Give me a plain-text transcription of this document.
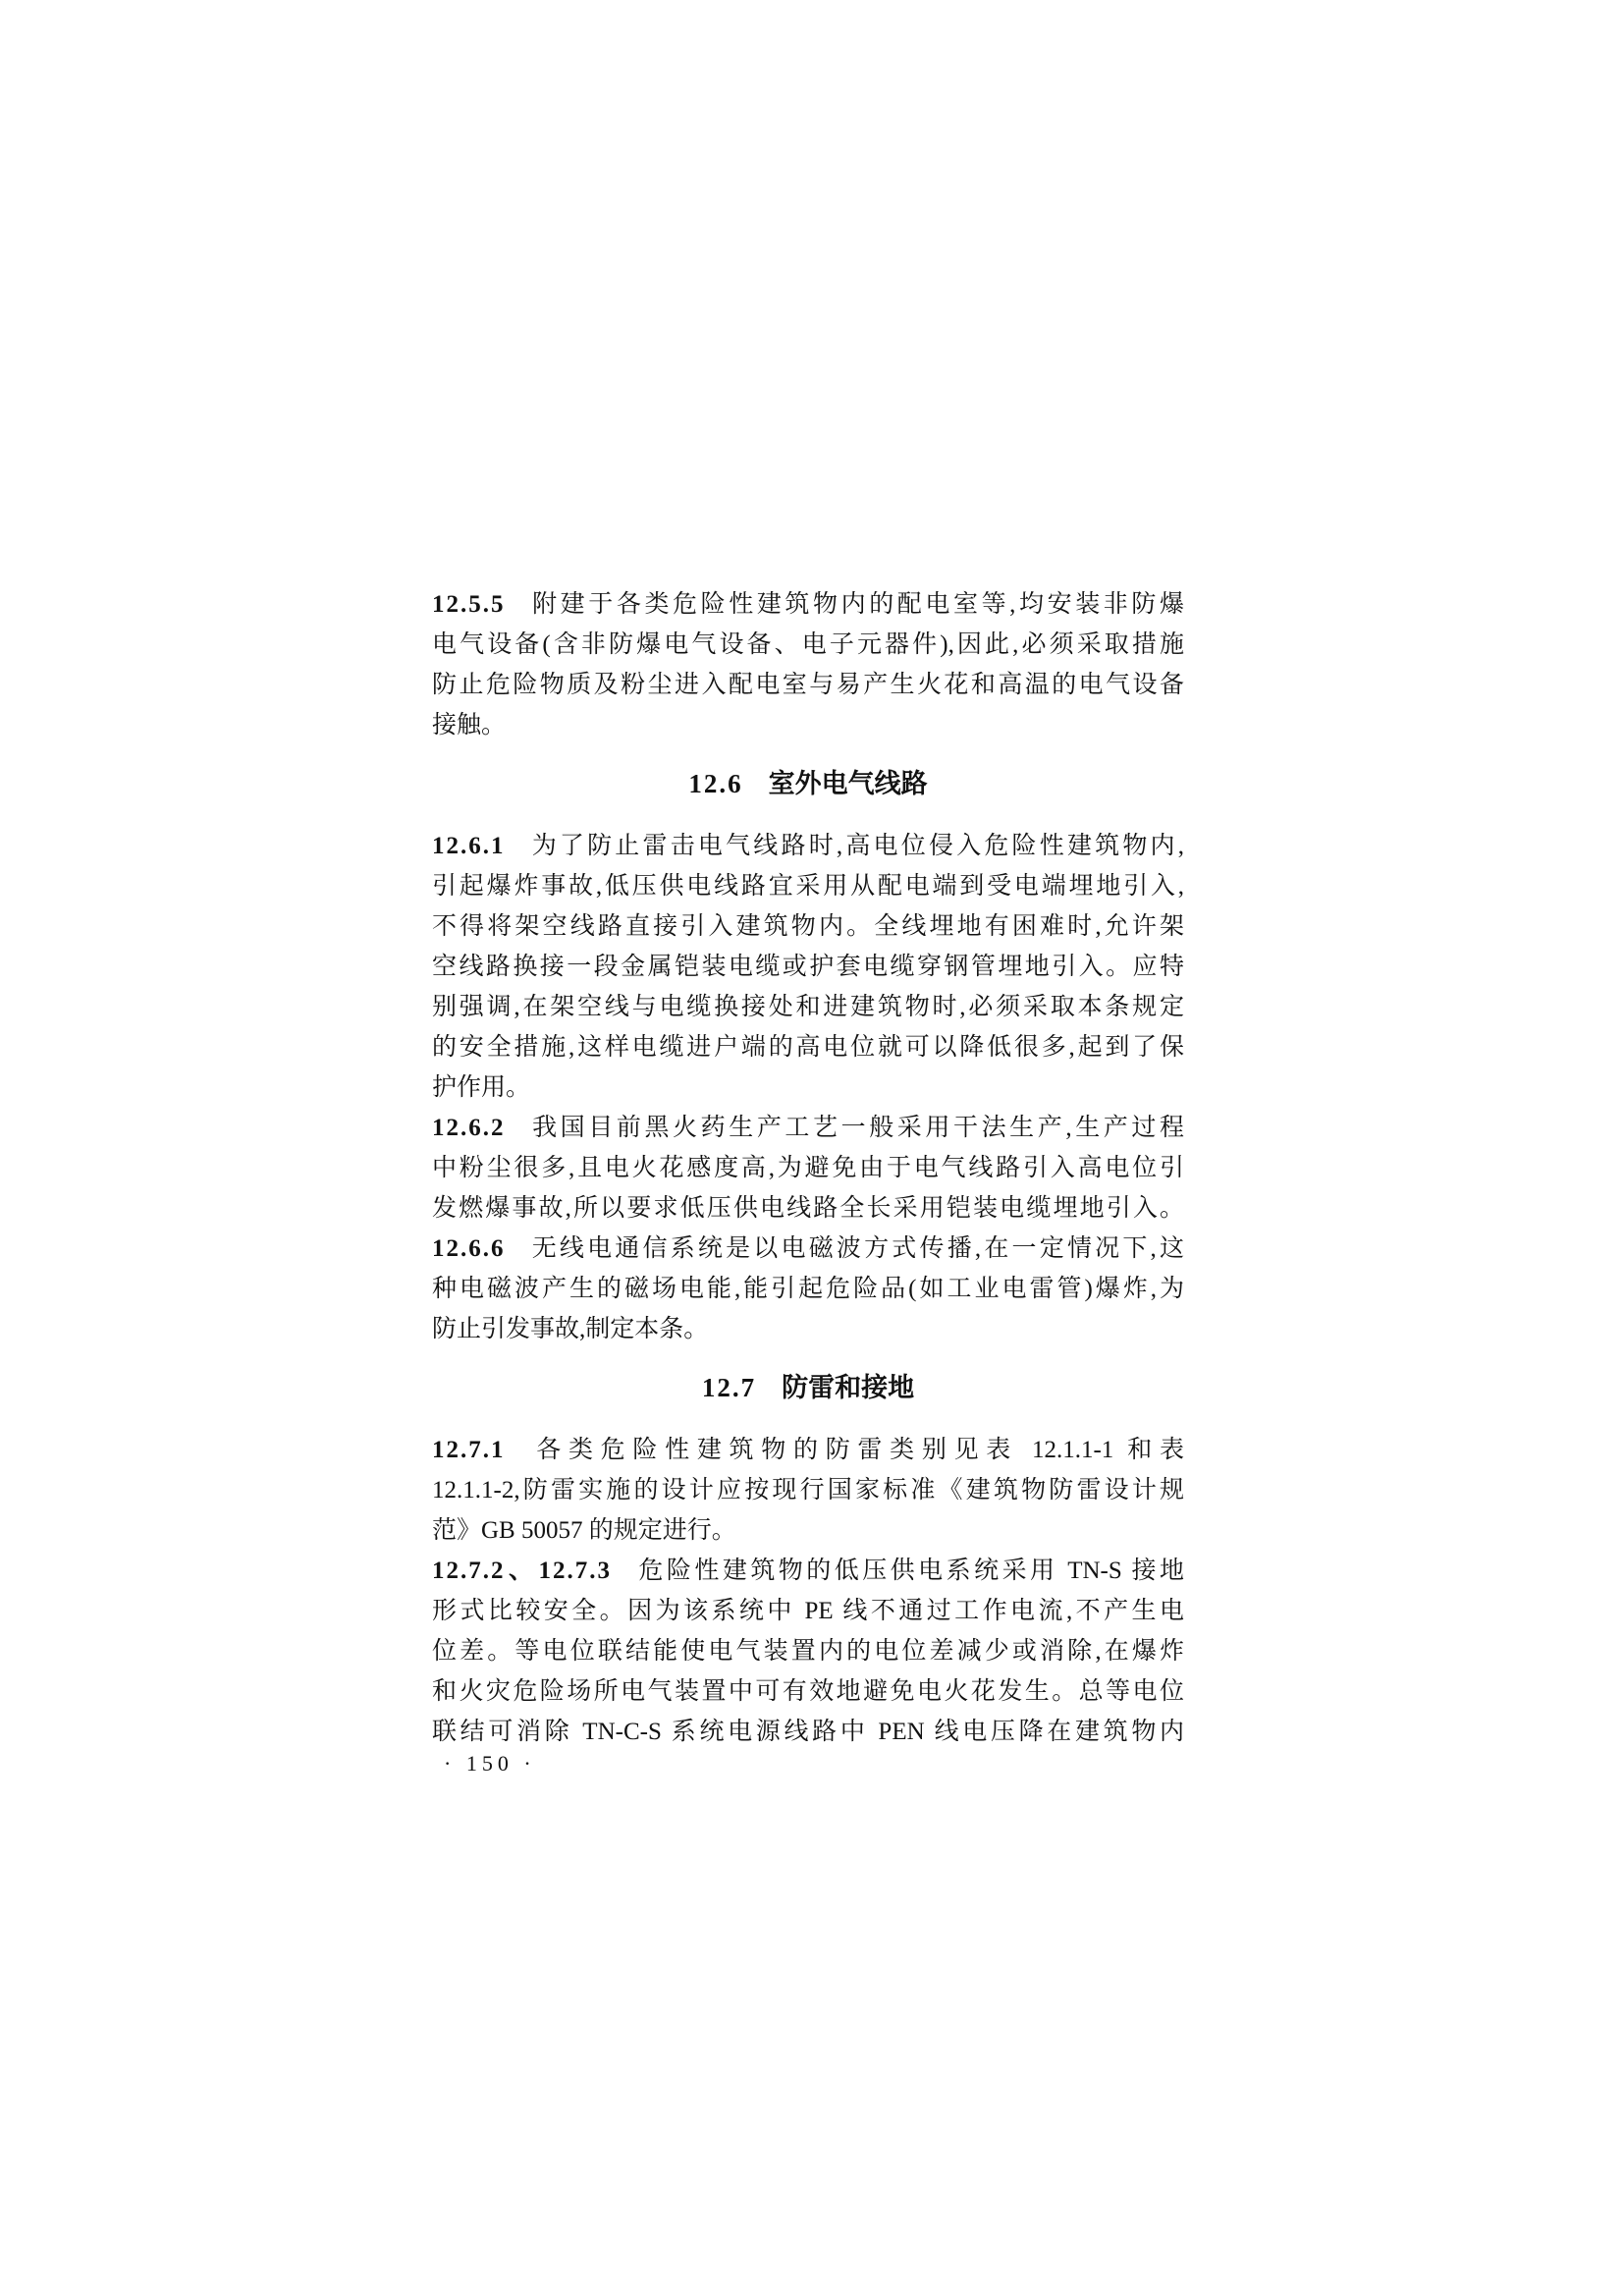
12.5.5 附建于各类危险性建筑物内的配电室等,均安装非防爆
电气设备(含非防爆电气设备、电子元器件),因此,必须采取措施
防止危险物质及粉尘进入配电室与易产生火花和高温的电气设备
接触。
12.6 室外电气线路
12.6.1 为了防止雷击电气线路时,高电位侵入危险性建筑物内,
引起爆炸事故,低压供电线路宜采用从配电端到受电端埋地引入,
不得将架空线路直接引入建筑物内。全线埋地有困难时,允许架
空线路换接一段金属铠装电缆或护套电缆穿钢管埋地引入。应特
别强调,在架空线与电缆换接处和进建筑物时,必须采取本条规定
的安全措施,这样电缆进户端的高电位就可以降低很多,起到了保
护作用。
12.6.2 我国目前黑火药生产工艺一般采用干法生产,生产过程
中粉尘很多,且电火花感度高,为避免由于电气线路引入高电位引
发燃爆事故,所以要求低压供电线路全长采用铠装电缆埋地引入。
12.6.6 无线电通信系统是以电磁波方式传播,在一定情况下,这
种电磁波产生的磁场电能,能引起危险品(如工业电雷管)爆炸,为
防止引发事故,制定本条。
12.7 防雷和接地
12.7.1 各类危险性建筑物的防雷类别见表 12.1.1-1 和表
12.1.1-2,防雷实施的设计应按现行国家标准《建筑物防雷设计规
范》GB 50057 的规定进行。
12.7.2、12.7.3 危险性建筑物的低压供电系统采用 TN-S 接地
形式比较安全。因为该系统中 PE 线不通过工作电流,不产生电
位差。等电位联结能使电气装置内的电位差减少或消除,在爆炸
和火灾危险场所电气装置中可有效地避免电火花发生。总等电位
联结可消除 TN-C-S 系统电源线路中 PEN 线电压降在建筑物内
· 150 ·
